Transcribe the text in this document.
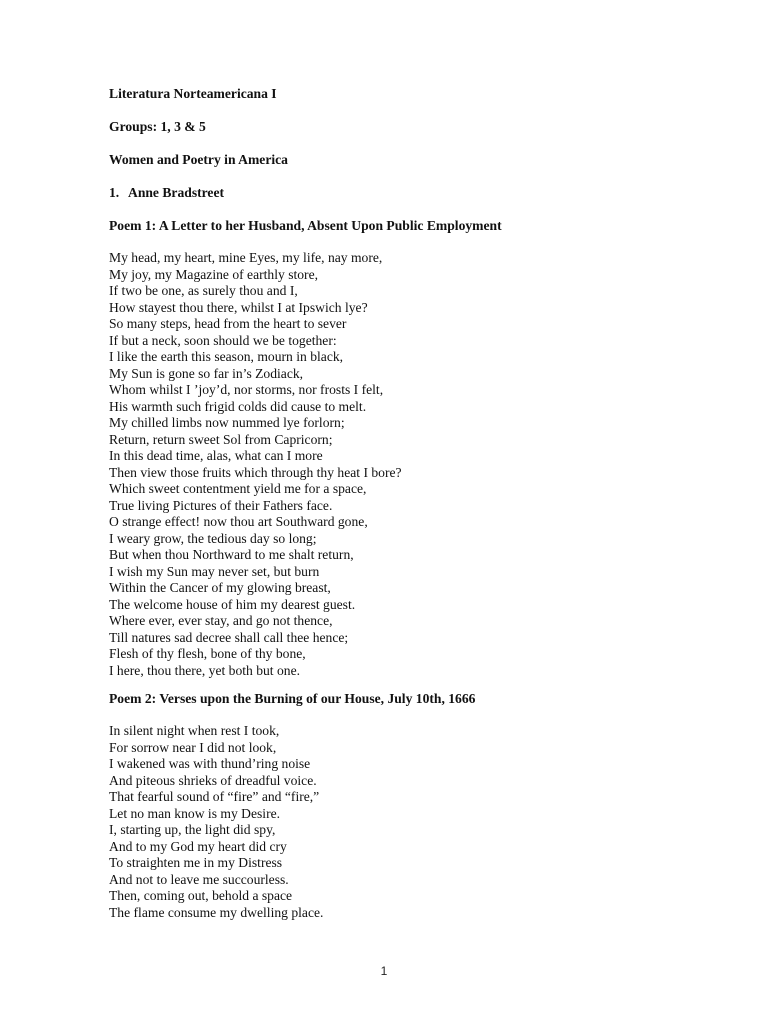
Literatura Norteamericana I

Groups: 1, 3 & 5

Women and Poetry in America

1. Anne Bradstreet

Poem 1: A Letter to her Husband, Absent Upon Public Employment

My head, my heart, mine Eyes, my life, nay more,
My joy, my Magazine of earthly store,
If two be one, as surely thou and I,
How stayest thou there, whilst I at Ipswich lye?
So many steps, head from the heart to sever
If but a neck, soon should we be together:
I like the earth this season, mourn in black,
My Sun is gone so far in’s Zodiack,
Whom whilst I ’joy’d, nor storms, nor frosts I felt,
His warmth such frigid colds did cause to melt.
My chilled limbs now nummed lye forlorn;
Return, return sweet Sol from Capricorn;
In this dead time, alas, what can I more
Then view those fruits which through thy heat I bore?
Which sweet contentment yield me for a space,
True living Pictures of their Fathers face.
O strange effect! now thou art Southward gone,
I weary grow, the tedious day so long;
But when thou Northward to me shalt return,
I wish my Sun may never set, but burn
Within the Cancer of my glowing breast,
The welcome house of him my dearest guest.
Where ever, ever stay, and go not thence,
Till natures sad decree shall call thee hence;
Flesh of thy flesh, bone of thy bone,
I here, thou there, yet both but one.

Poem 2: Verses upon the Burning of our House, July 10th, 1666

In silent night when rest I took,
For sorrow near I did not look,
I wakened was with thund’ring noise
And piteous shrieks of dreadful voice.
That fearful sound of “fire” and “fire,”
Let no man know is my Desire.
I, starting up, the light did spy,
And to my God my heart did cry
To straighten me in my Distress
And not to leave me succourless.
Then, coming out, behold a space
The flame consume my dwelling place.
1
